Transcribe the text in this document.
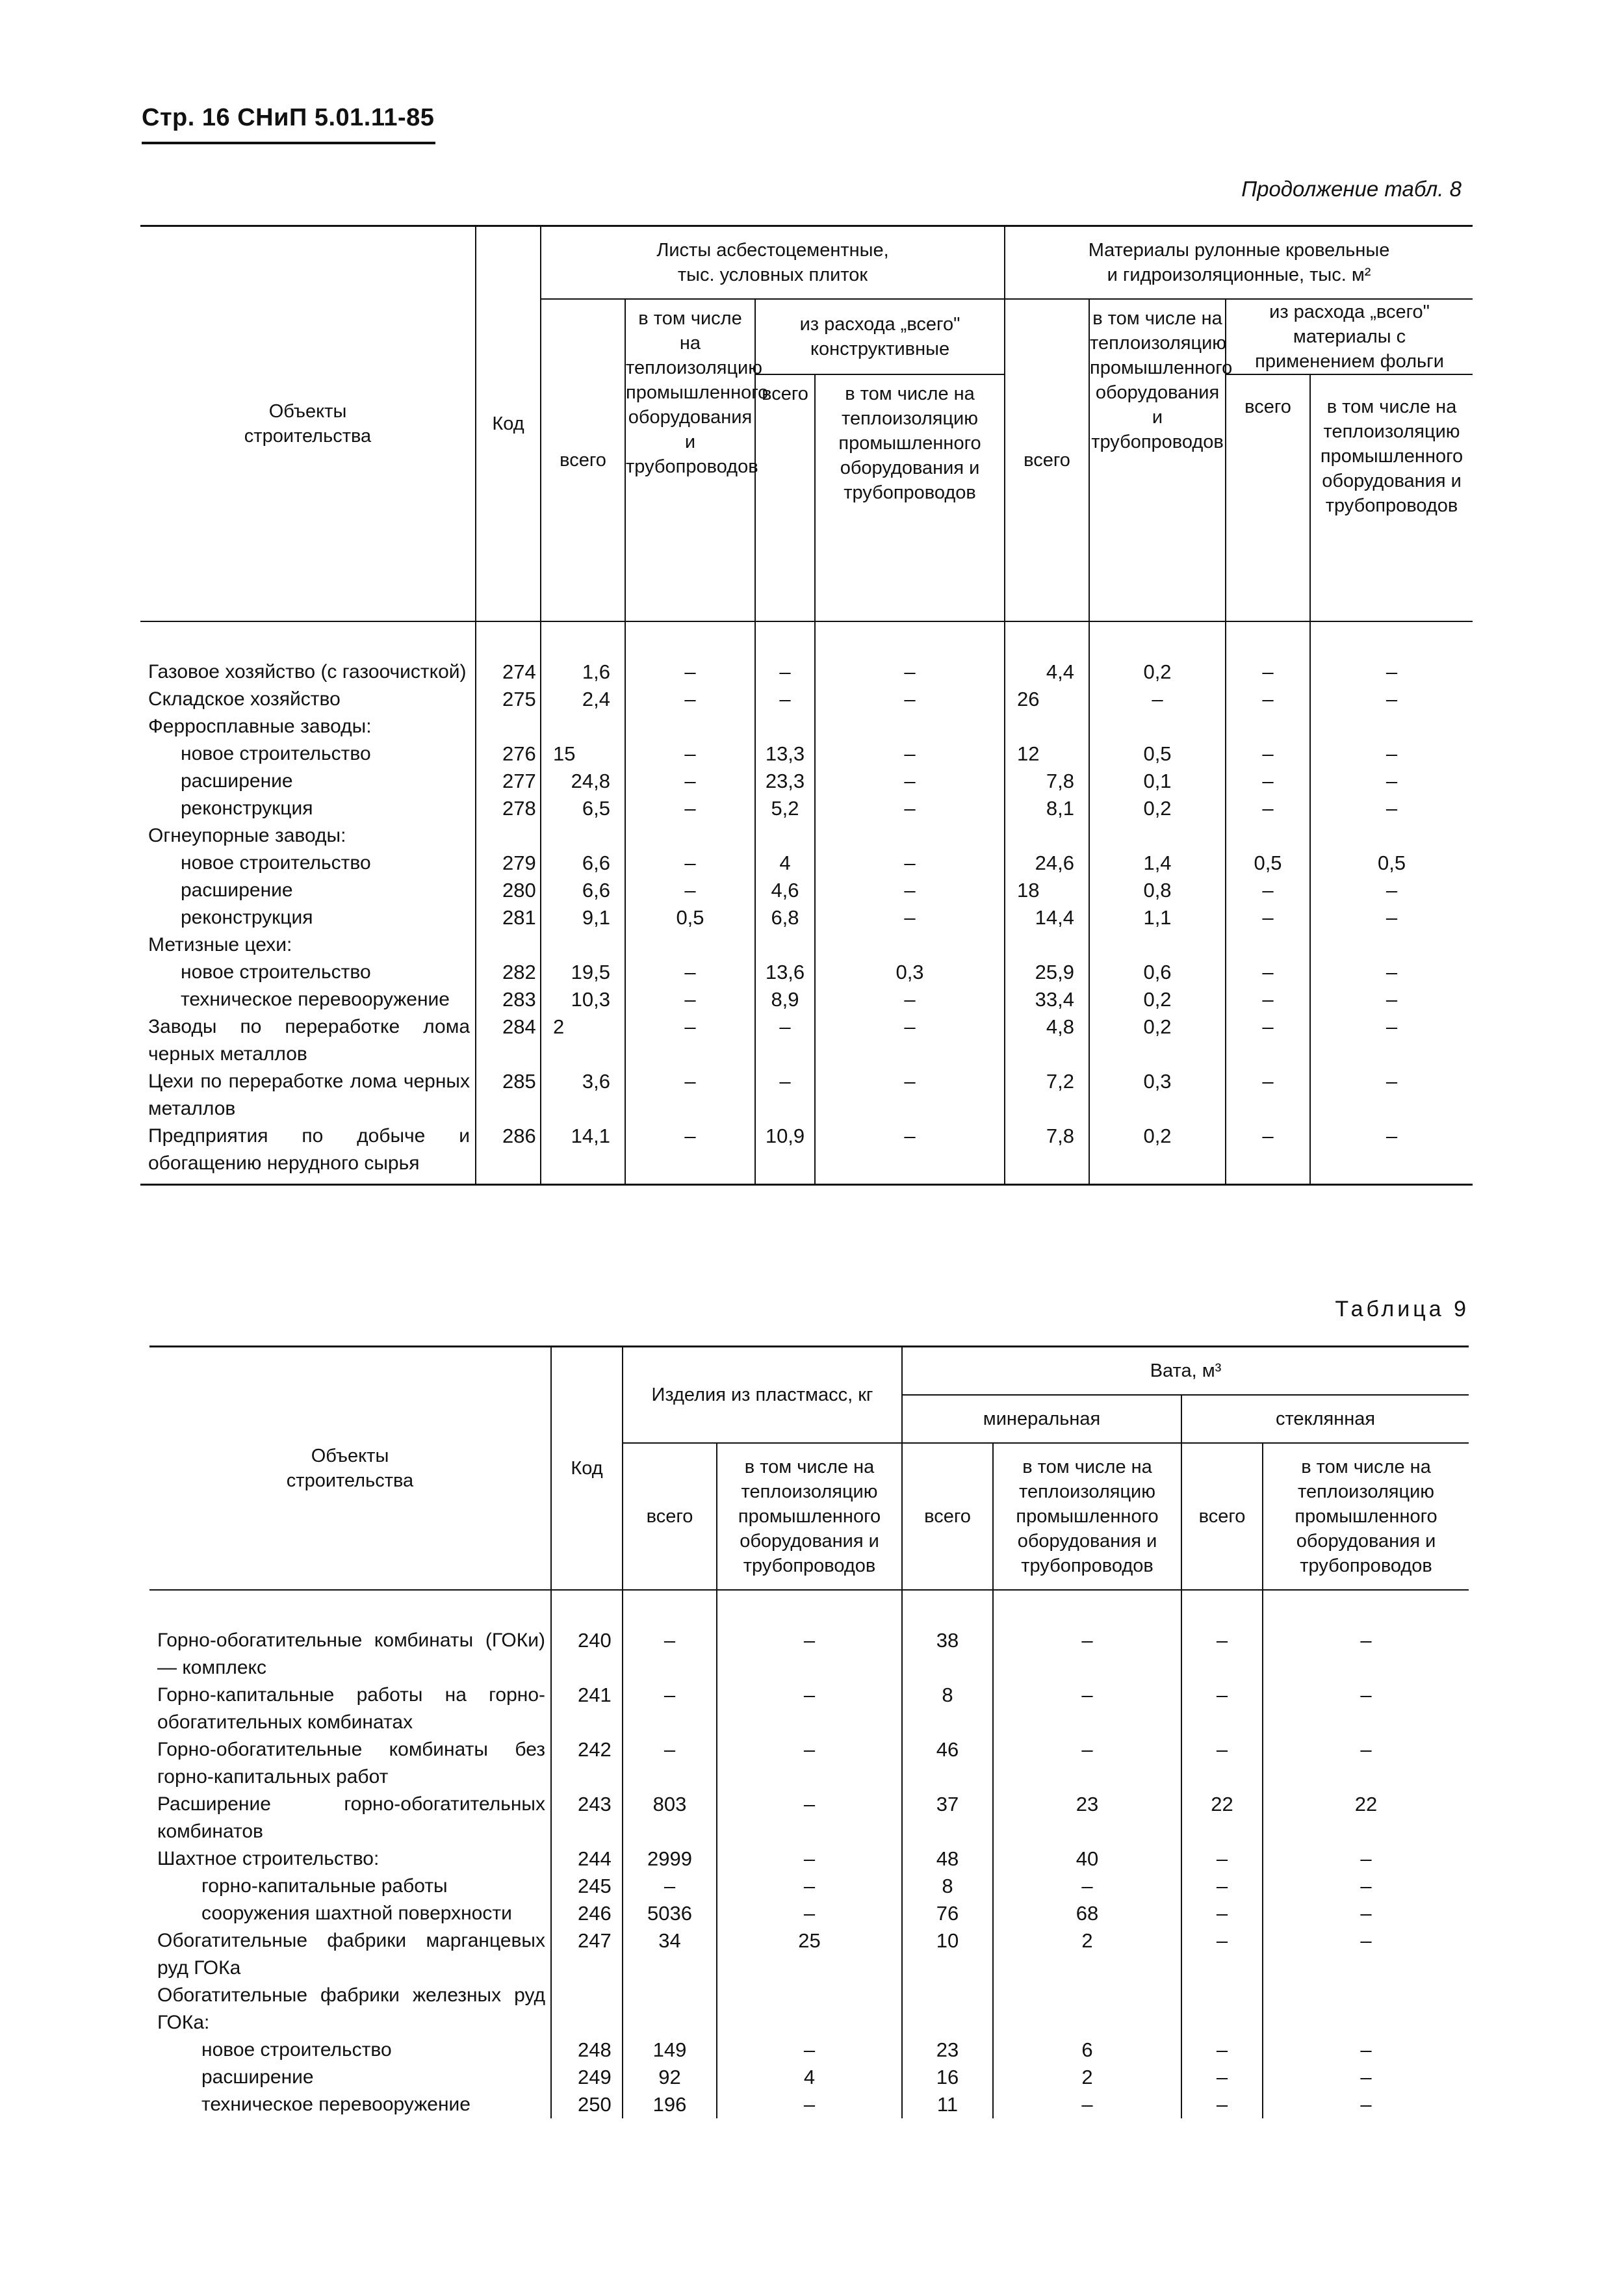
Стр. 16 СНиП 5.01.11-85
Продолжение табл. 8
Объекты строительства	Код	Листы асбестоцементные, тыс. условных плиток				Материалы рулонные кровельные и гидроизоляционные, тыс. м²			
		всего	в том числе на теплоизоляцию промышленного оборудования и трубопроводов	из расхода „всего" конструктивные		всего	в том числе на теплоизоляцию промышленного оборудования и трубопроводов	из расхода „всего" материалы с применением фольги	
				всего	в том числе на теплоизоляцию промышленного оборудования и трубопроводов			всего	в том числе на теплоизоляцию промышленного оборудования и трубопроводов

Газовое хозяйство (с газоочисткой)	274	1,6	–	–	–	4,4	0,2	–	–
Складское хозяйство	275	2,4	–	–	–	26	–	–	–
Ферросплавные заводы:									
новое строительство	276	15	–	13,3	–	12	0,5	–	–
расширение	277	24,8	–	23,3	–	7,8	0,1	–	–
реконструкция	278	6,5	–	5,2	–	8,1	0,2	–	–
Огнеупорные заводы:									
новое строительство	279	6,6	–	4	–	24,6	1,4	0,5	0,5
расширение	280	6,6	–	4,6	–	18	0,8	–	–
реконструкция	281	9,1	0,5	6,8	–	14,4	1,1	–	–
Метизные цехи:									
новое строительство	282	19,5	–	13,6	0,3	25,9	0,6	–	–
техническое перевооружение	283	10,3	–	8,9	–	33,4	0,2	–	–
Заводы по переработке лома черных металлов	284	2	–	–	–	4,8	0,2	–	–
Цехи по переработке лома черных металлов	285	3,6	–	–	–	7,2	0,3	–	–
Предприятия по добыче и обогащению нерудного сырья	286	14,1	–	10,9	–	7,8	0,2	–	–
Таблица 9
Объекты строительства	Код	Изделия из пластмасс, кг		Вата, м³			
				минеральная		стеклянная	
		всего	в том числе на теплоизоляцию промышленного оборудования и трубопроводов	всего	в том числе на теплоизоляцию промышленного оборудования и трубопроводов	всего	в том числе на теплоизоляцию промышленного оборудования и трубопроводов

Горно-обогатительные комбинаты (ГОКи) — комплекс	240	–	–	38	–	–	–
Горно-капитальные работы на горно-обогатительных комбинатах	241	–	–	8	–	–	–
Горно-обогатительные комбинаты без горно-капитальных работ	242	–	–	46	–	–	–
Расширение горно-обогатительных комбинатов	243	803	–	37	23	22	22
Шахтное строительство:	244	2999	–	48	40	–	–
горно-капитальные работы	245	–	–	8	–	–	–
сооружения шахтной поверхности	246	5036	–	76	68	–	–
Обогатительные фабрики марганцевых руд ГОКа	247	34	25	10	2	–	–
Обогатительные фабрики железных руд ГОКа:							
новое строительство	248	149	–	23	6	–	–
расширение	249	92	4	16	2	–	–
техническое перевооружение	250	196	–	11	–	–	–
